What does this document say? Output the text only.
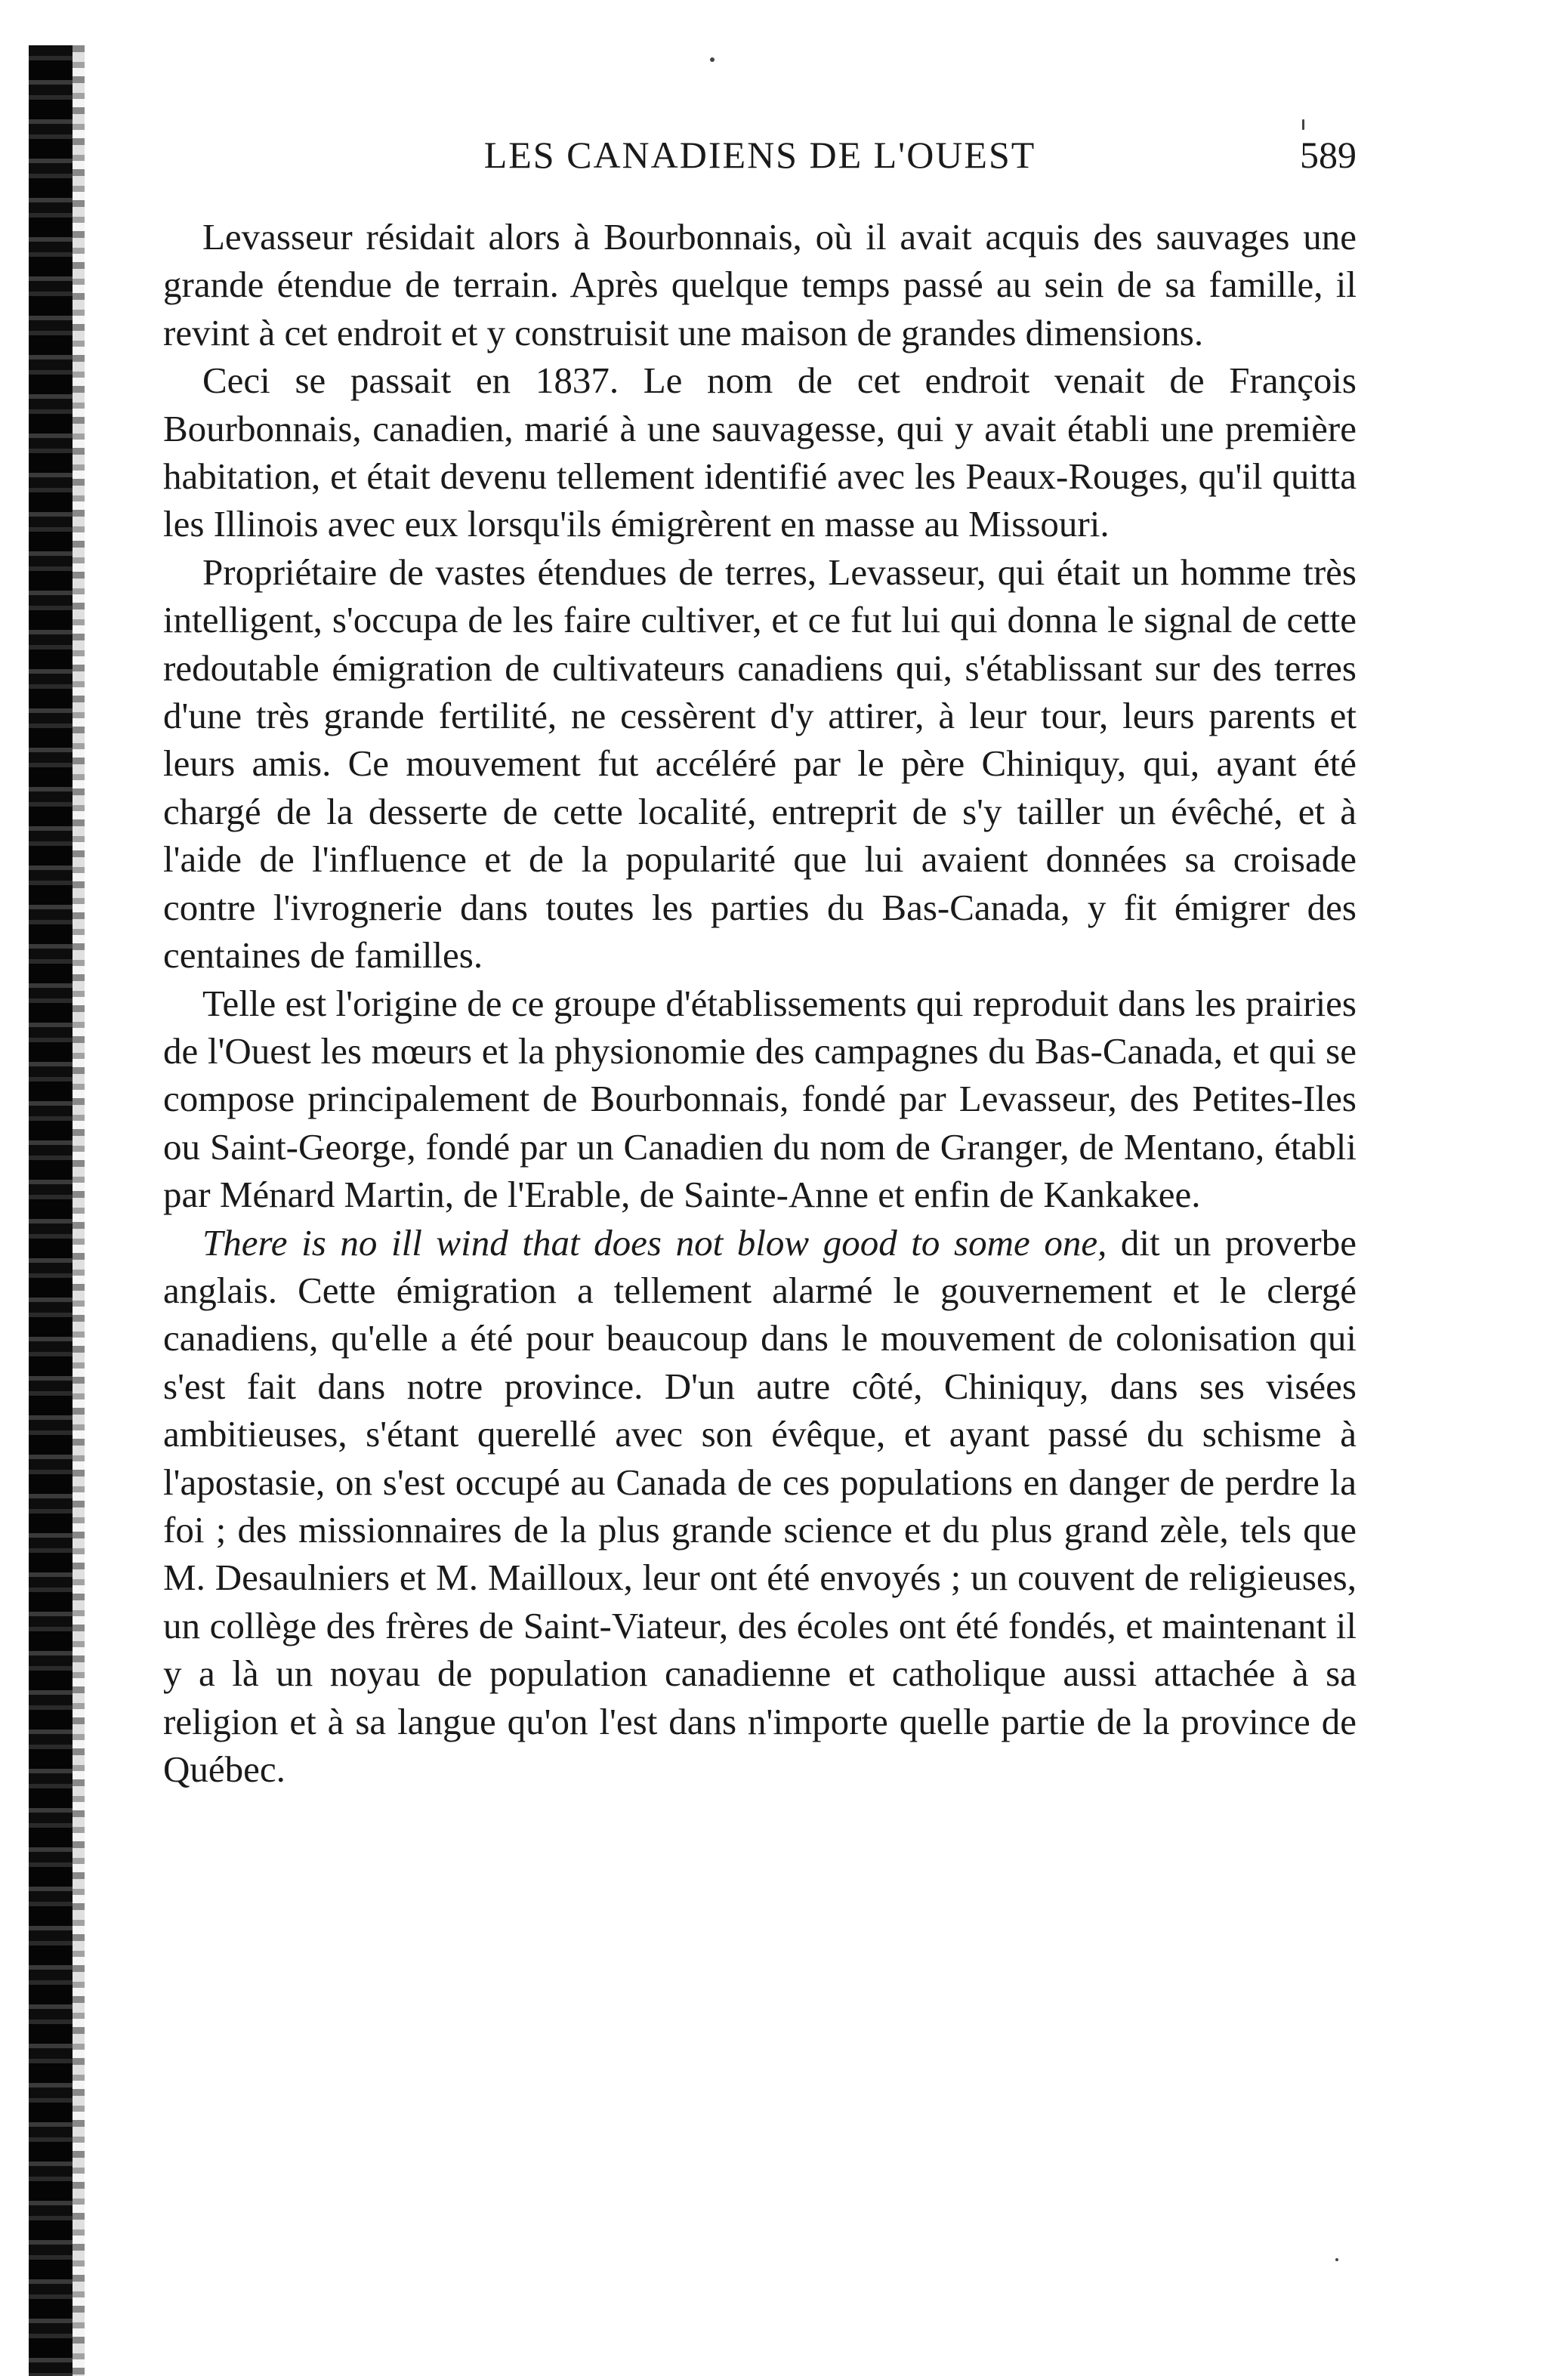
LES CANADIENS DE L'OUEST	589

Levasseur résidait alors à Bourbonnais, où il avait acquis des sauvages une grande étendue de terrain. Après quelque temps passé au sein de sa famille, il revint à cet endroit et y construisit une maison de grandes dimensions.

Ceci se passait en 1837. Le nom de cet endroit venait de François Bourbonnais, canadien, marié à une sauvagesse, qui y avait établi une première habitation, et était devenu tellement identifié avec les Peaux-Rouges, qu'il quitta les Illinois avec eux lorsqu'ils émigrèrent en masse au Missouri.

Propriétaire de vastes étendues de terres, Levasseur, qui était un homme très intelligent, s'occupa de les faire cultiver, et ce fut lui qui donna le signal de cette redoutable émigration de cultivateurs canadiens qui, s'établissant sur des terres d'une très grande fertilité, ne cessèrent d'y attirer, à leur tour, leurs parents et leurs amis. Ce mouvement fut accéléré par le père Chiniquy, qui, ayant été chargé de la desserte de cette localité, entreprit de s'y tailler un évêché, et à l'aide de l'influence et de la popularité que lui avaient données sa croisade contre l'ivrognerie dans toutes les parties du Bas-Canada, y fit émigrer des centaines de familles.

Telle est l'origine de ce groupe d'établissements qui reproduit dans les prairies de l'Ouest les mœurs et la physionomie des campagnes du Bas-Canada, et qui se compose principalement de Bourbonnais, fondé par Levasseur, des Petites-Iles ou Saint-George, fondé par un Canadien du nom de Granger, de Mentano, établi par Ménard Martin, de l'Erable, de Sainte-Anne et enfin de Kankakee.

There is no ill wind that does not blow good to some one, dit un proverbe anglais. Cette émigration a tellement alarmé le gouvernement et le clergé canadiens, qu'elle a été pour beaucoup dans le mouvement de colonisation qui s'est fait dans notre province. D'un autre côté, Chiniquy, dans ses visées ambitieuses, s'étant querellé avec son évêque, et ayant passé du schisme à l'apostasie, on s'est occupé au Canada de ces populations en danger de perdre la foi ; des missionnaires de la plus grande science et du plus grand zèle, tels que M. Desaulniers et M. Mailloux, leur ont été envoyés ; un couvent de religieuses, un collège des frères de Saint-Viateur, des écoles ont été fondés, et maintenant il y a là un noyau de population canadienne et catholique aussi attachée à sa religion et à sa langue qu'on l'est dans n'importe quelle partie de la province de Québec.
